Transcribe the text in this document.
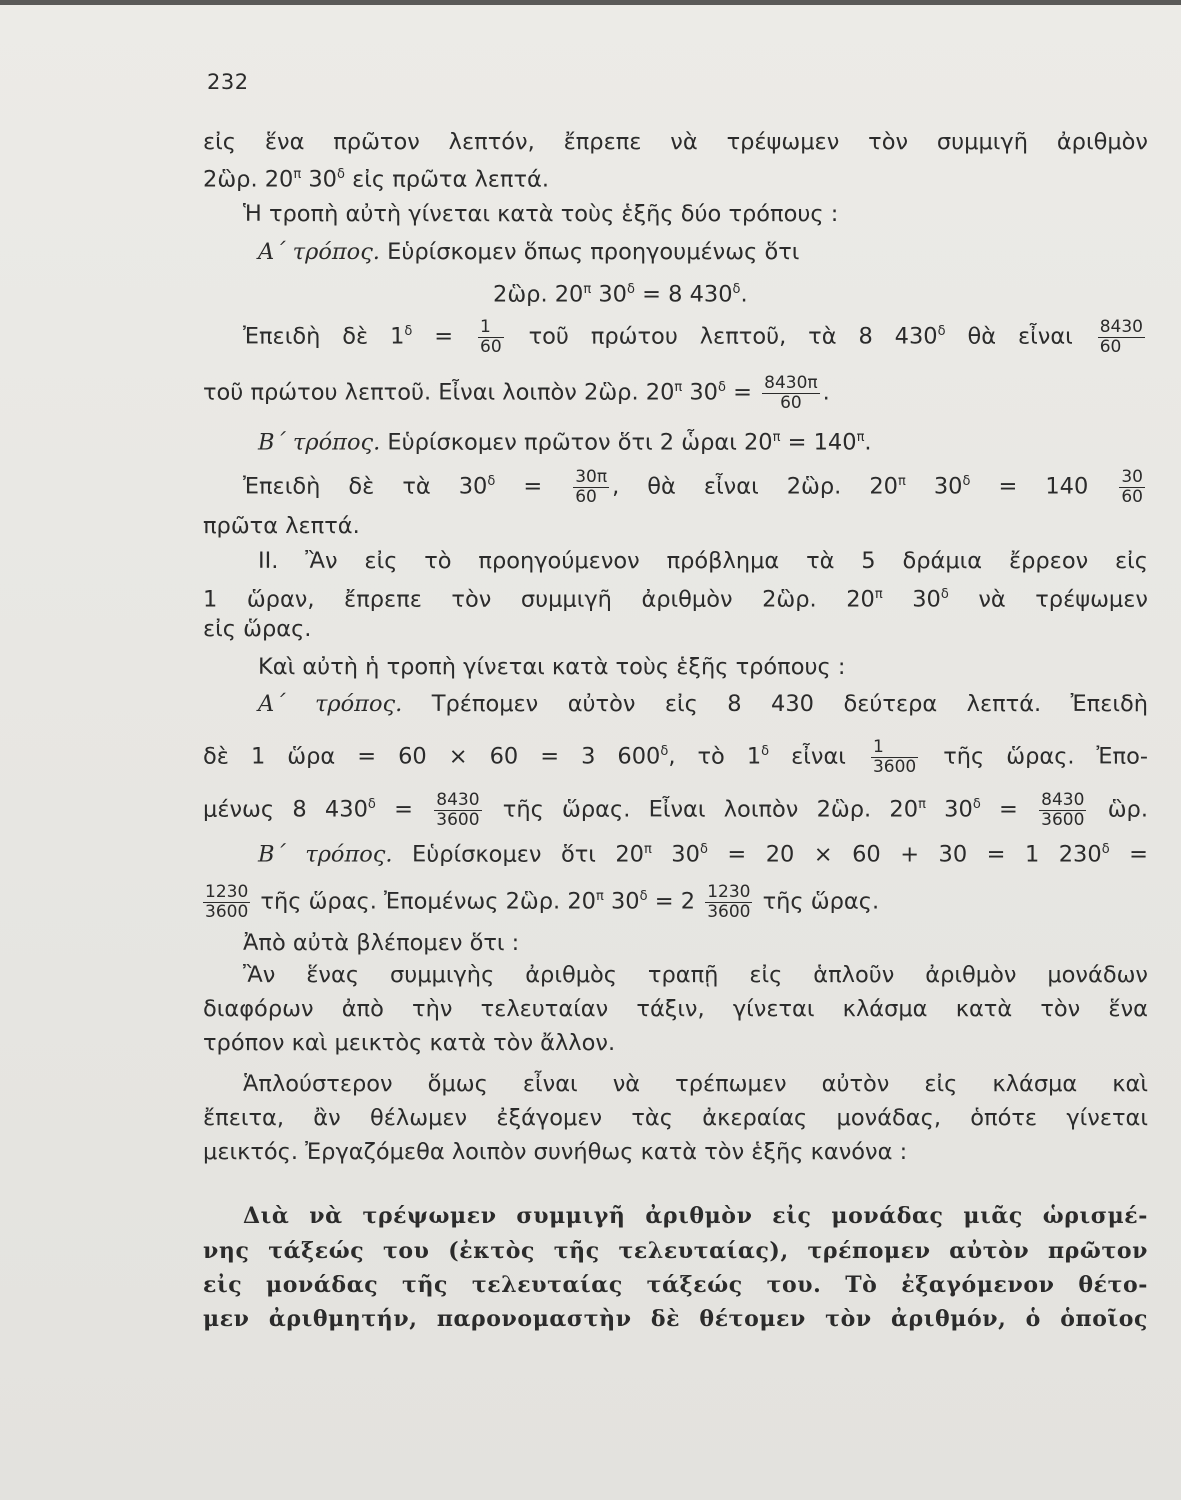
232
εἰς ἕνα πρῶτον λεπτόν, ἔπρεπε νὰ τρέψωμεν τὸν συμμιγῆ ἀριθμὸν
2ὣρ. $20^\pi$ $30^\delta$ εἰς πρῶτα λεπτά.
Ἡ τροπὴ αὐτὴ γίνεται κατὰ τοὺς ἑξῆς δύο τρόπους :
Α΄ τρόπος. Εὑρίσκομεν ὅπως προηγουμένως ὅτι
2ὣρ. $20^\pi$ $30^\delta = 8$ $430^\delta$.
Ἐπειδὴ δὲ $1^\delta = \frac{1}{60}$ τοῦ πρώτου λεπτοῦ, τὰ 8 $430^\delta$ θὰ εἶναι $\frac{8430}{60}$
τοῦ πρώτου λεπτοῦ. Εἶναι λοιπὸν 2ὣρ. $20^\pi$ $30^\delta = \frac{8430\pi}{60}$ .
Β΄ τρόπος. Εὑρίσκομεν πρῶτον ὅτι 2 ὧραι $20^\pi = 140^\pi$.
Ἐπειδὴ δὲ τὰ $30^\delta = \frac{30\pi}{60}$ , θὰ εἶναι 2ὣρ. $20^\pi$ $30^\delta = 140 \frac{30}{60}$
πρῶτα λεπτά.
ΙΙ. Ἂν εἰς τὸ προηγούμενον πρόβλημα τὰ 5 δράμια ἔρρεον εἰς
1 ὥραν, ἔπρεπε τὸν συμμιγῆ ἀριθμὸν 2ὣρ. $20^\pi$ $30^\delta$ νὰ τρέψωμεν
εἰς ὥρας.
Καὶ αὐτὴ ἡ τροπὴ γίνεται κατὰ τοὺς ἑξῆς τρόπους :
Α΄ τρόπος. Τρέπομεν αὐτὸν εἰς 8 430 δεύτερα λεπτά. Ἐπειδὴ
δὲ 1 ὥρα = 60 × 60 = 3 $600^\delta$, τὸ $1^\delta$ εἶναι $\frac{1}{3600}$ τῆς ὥρας. Ἐπο-
μένως 8 $430^\delta = \frac{8430}{3600}$ τῆς ὥρας. Εἶναι λοιπὸν 2ὣρ. $20^\pi$ $30^\delta = \frac{8430}{3600}$ ὣρ.
Β΄ τρόπος. Εὑρίσκομεν ὅτι $20^\pi$ $30^\delta = 20 \times 60 + 30 = 1$ $230^\delta$ =
$\frac{1230}{3600}$ τῆς ὥρας. Ἐπομένως 2ὣρ. $20^\pi$ $30^\delta = 2 \frac{1230}{3600}$ τῆς ὥρας.
Ἀπὸ αὐτὰ βλέπομεν ὅτι :
Ἂν ἕνας συμμιγὴς ἀριθμὸς τραπῇ εἰς ἁπλοῦν ἀριθμὸν μονάδων
διαφόρων ἀπὸ τὴν τελευταίαν τάξιν, γίνεται κλάσμα κατὰ τὸν ἕνα
τρόπον καὶ μεικτὸς κατὰ τὸν ἄλλον.
Ἁπλούστερον ὅμως εἶναι νὰ τρέπωμεν αὐτὸν εἰς κλάσμα καὶ
ἔπειτα, ἂν θέλωμεν ἐξάγομεν τὰς ἀκεραίας μονάδας, ὁπότε γίνεται
μεικτός. Ἐργαζόμεθα λοιπὸν συνήθως κατὰ τὸν ἑξῆς κανόνα :
Διὰ νὰ τρέψωμεν συμμιγῆ ἀριθμὸν εἰς μονάδας μιᾶς ὡρισμέ-
νης τάξεώς του (ἐκτὸς τῆς τελευταίας), τρέπομεν αὐτὸν πρῶτον
εἰς μονάδας τῆς τελευταίας τάξεώς του. Τὸ ἐξαγόμενον θέτο-
μεν ἀριθμητήν, παρονομαστὴν δὲ θέτομεν τὸν ἀριθμόν, ὁ ὁποῖος
